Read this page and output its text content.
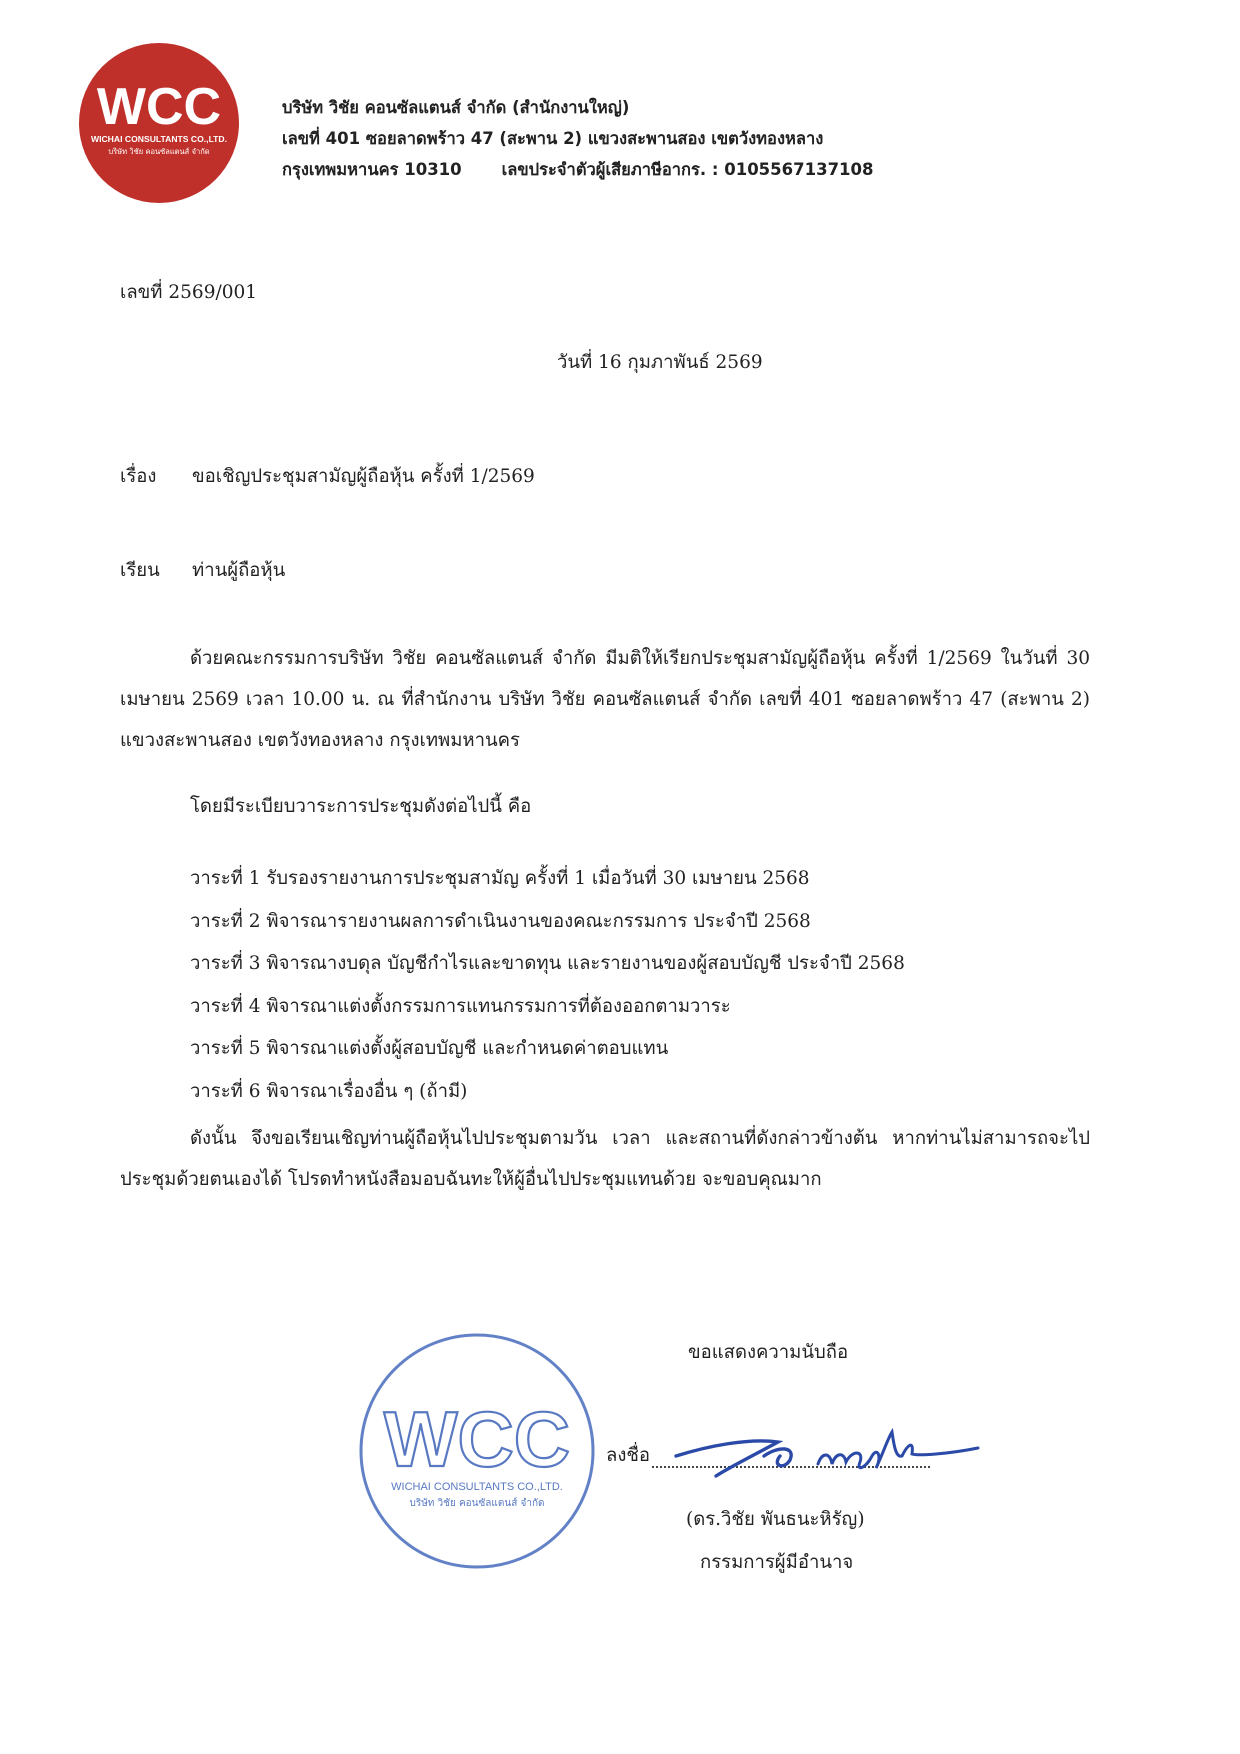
WCC
WICHAI CONSULTANTS CO.,LTD.
บริษัท วิชัย คอนซัลแตนส์ จำกัด
บริษัท วิชัย คอนซัลแตนส์ จำกัด (สำนักงานใหญ่)
เลขที่ 401 ซอยลาดพร้าว 47 (สะพาน 2) แขวงสะพานสอง เขตวังทองหลาง
กรุงเทพมหานคร 10310 เลขประจำตัวผู้เสียภาษีอากร. : 0105567137108
เลขที่ 2569/001
วันที่ 16 กุมภาพันธ์ 2569
เรื่อง ขอเชิญประชุมสามัญผู้ถือหุ้น ครั้งที่ 1/2569
เรียน ท่านผู้ถือหุ้น
ด้วยคณะกรรมการบริษัท วิชัย คอนซัลแตนส์ จำกัด มีมติให้เรียกประชุมสามัญผู้ถือหุ้น ครั้งที่ 1/2569 ในวันที่ 30 เมษายน 2569 เวลา 10.00 น. ณ ที่สำนักงาน บริษัท วิชัย คอนซัลแตนส์ จำกัด เลขที่ 401 ซอยลาดพร้าว 47 (สะพาน 2) แขวงสะพานสอง เขตวังทองหลาง กรุงเทพมหานคร
โดยมีระเบียบวาระการประชุมดังต่อไปนี้ คือ
วาระที่ 1 รับรองรายงานการประชุมสามัญ ครั้งที่ 1 เมื่อวันที่ 30 เมษายน 2568
วาระที่ 2 พิจารณารายงานผลการดำเนินงานของคณะกรรมการ ประจำปี 2568
วาระที่ 3 พิจารณางบดุล บัญชีกำไรและขาดทุน และรายงานของผู้สอบบัญชี ประจำปี 2568
วาระที่ 4 พิจารณาแต่งตั้งกรรมการแทนกรรมการที่ต้องออกตามวาระ
วาระที่ 5 พิจารณาแต่งตั้งผู้สอบบัญชี และกำหนดค่าตอบแทน
วาระที่ 6 พิจารณาเรื่องอื่น ๆ (ถ้ามี)
ดังนั้น จึงขอเรียนเชิญท่านผู้ถือหุ้นไปประชุมตามวัน เวลา และสถานที่ดังกล่าวข้างต้น หากท่านไม่สามารถจะไปประชุมด้วยตนเองได้ โปรดทำหนังสือมอบฉันทะให้ผู้อื่นไปประชุมแทนด้วย จะขอบคุณมาก
ขอแสดงความนับถือ
WCC
WICHAI CONSULTANTS CO.,LTD.
บริษัท วิชัย คอนซัลแตนส์ จำกัด
ลงชื่อ
(ดร.วิชัย พันธนะหิรัญ)
กรรมการผู้มีอำนาจ
